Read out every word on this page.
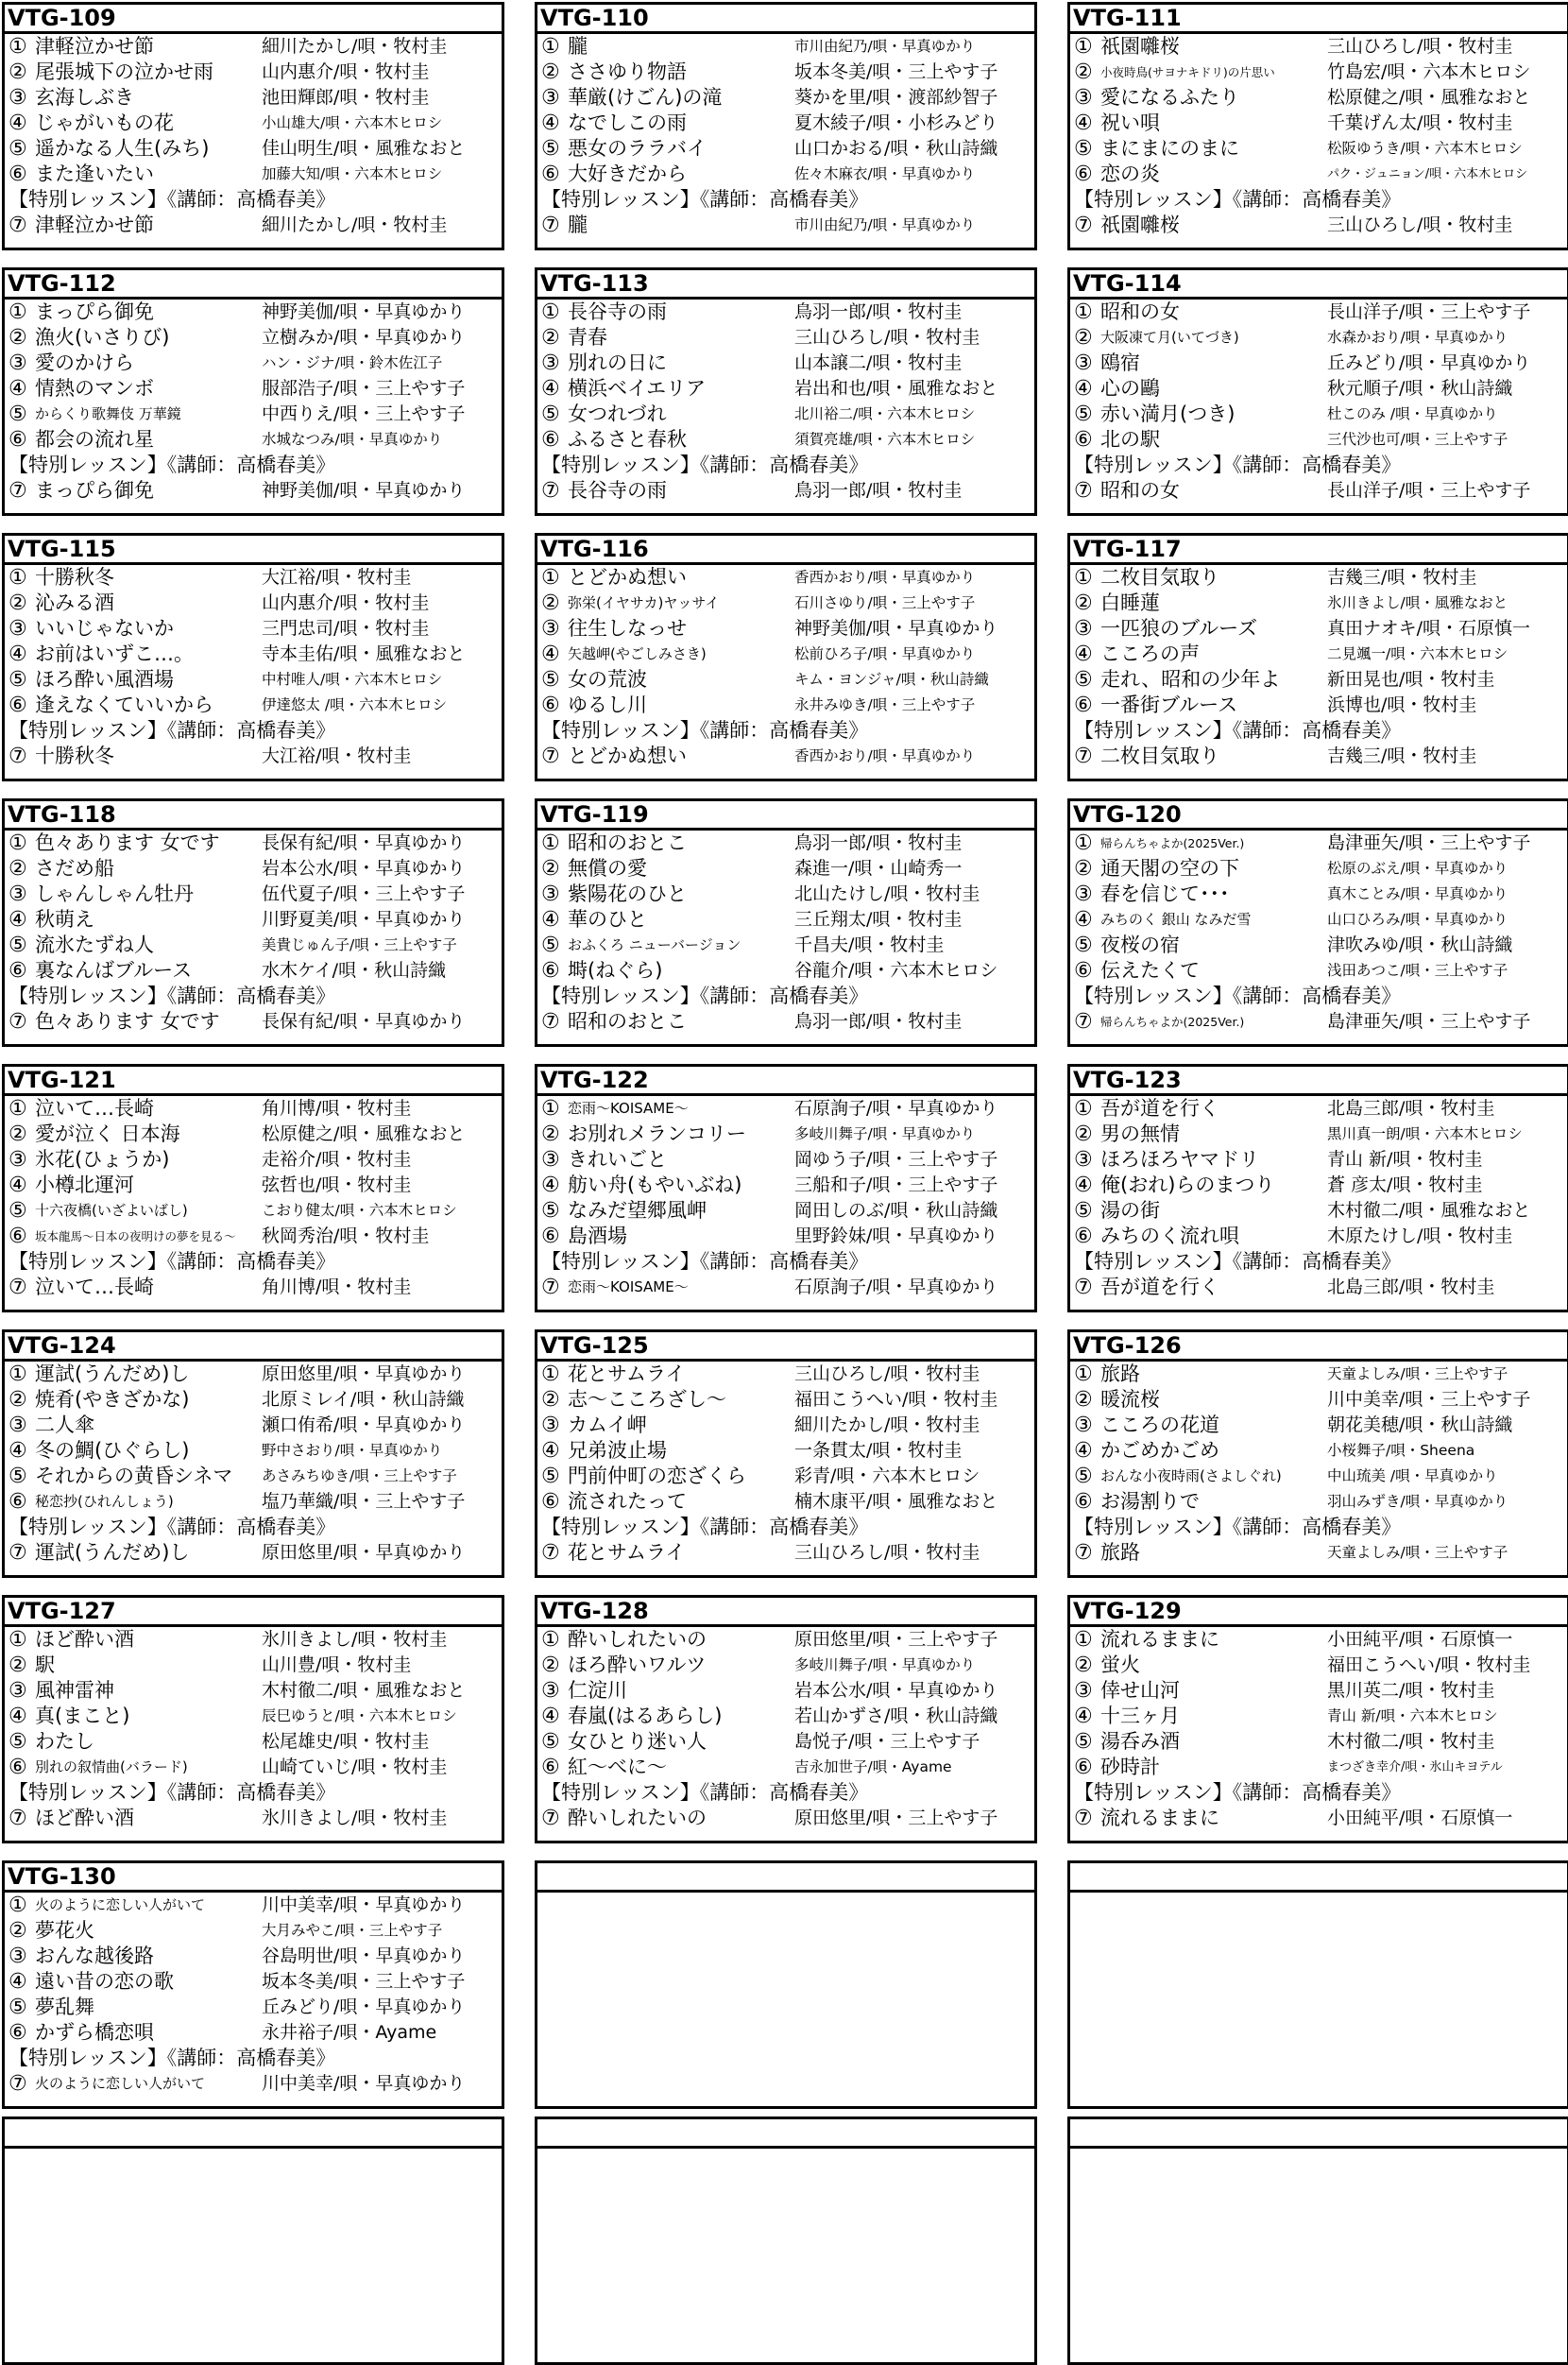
VTG-109
① 津軽泣かせ節	細川たかし/唄・牧村圭
② 尾張城下の泣かせ雨	山内惠介/唄・牧村圭
③ 玄海しぶき	池田輝郎/唄・牧村圭
④ じゃがいもの花	小山雄大/唄・六本木ヒロシ
⑤ 遥かなる人生(みち)	佳山明生/唄・風雅なおと
⑥ また逢いたい	加藤大知/唄・六本木ヒロシ
【特別レッスン】《講師：高橋春美》
⑦ 津軽泣かせ節	細川たかし/唄・牧村圭
VTG-110
① 朧	市川由紀乃/唄・早真ゆかり
② ささゆり物語	坂本冬美/唄・三上やす子
③ 華厳(けごん)の滝	葵かを里/唄・渡部紗智子
④ なでしこの雨	夏木綾子/唄・小杉みどり
⑤ 悪女のララバイ	山口かおる/唄・秋山詩織
⑥ 大好きだから	佐々木麻衣/唄・早真ゆかり
【特別レッスン】《講師：高橋春美》
⑦ 朧	市川由紀乃/唄・早真ゆかり
VTG-111
① 祇園囃桜	三山ひろし/唄・牧村圭
② 小夜時鳥(サヨナキドリ)の片思い	竹島宏/唄・六本木ヒロシ
③ 愛になるふたり	松原健之/唄・風雅なおと
④ 祝い唄	千葉げん太/唄・牧村圭
⑤ まにまにのまに	松阪ゆうき/唄・六本木ヒロシ
⑥ 恋の炎	パク・ジュニョン/唄・六本木ヒロシ
【特別レッスン】《講師：高橋春美》
⑦ 祇園囃桜	三山ひろし/唄・牧村圭
VTG-112
① まっぴら御免	神野美伽/唄・早真ゆかり
② 漁火(いさりび)	立樹みか/唄・早真ゆかり
③ 愛のかけら	ハン・ジナ/唄・鈴木佐江子
④ 情熱のマンボ	服部浩子/唄・三上やす子
⑤ からくり歌舞伎 万華鏡	中西りえ/唄・三上やす子
⑥ 都会の流れ星	水城なつみ/唄・早真ゆかり
【特別レッスン】《講師：高橋春美》
⑦ まっぴら御免	神野美伽/唄・早真ゆかり
VTG-113
① 長谷寺の雨	鳥羽一郎/唄・牧村圭
② 青春	三山ひろし/唄・牧村圭
③ 別れの日に	山本譲二/唄・牧村圭
④ 横浜ベイエリア	岩出和也/唄・風雅なおと
⑤ 女つれづれ	北川裕二/唄・六本木ヒロシ
⑥ ふるさと春秋	須賀亮雄/唄・六本木ヒロシ
【特別レッスン】《講師：高橋春美》
⑦ 長谷寺の雨	鳥羽一郎/唄・牧村圭
VTG-114
① 昭和の女	長山洋子/唄・三上やす子
② 大阪凍て月(いてづき)	水森かおり/唄・早真ゆかり
③ 鴎宿	丘みどり/唄・早真ゆかり
④ 心の鷗	秋元順子/唄・秋山詩織
⑤ 赤い満月(つき)	杜このみ /唄・早真ゆかり
⑥ 北の駅	三代沙也可/唄・三上やす子
【特別レッスン】《講師：高橋春美》
⑦ 昭和の女	長山洋子/唄・三上やす子
VTG-115
① 十勝秋冬	大江裕/唄・牧村圭
② 沁みる酒	山内惠介/唄・牧村圭
③ いいじゃないか	三門忠司/唄・牧村圭
④ お前はいずこ…。	寺本圭佑/唄・風雅なおと
⑤ ほろ酔い風酒場	中村唯人/唄・六本木ヒロシ
⑥ 逢えなくていいから	伊達悠太 /唄・六本木ヒロシ
【特別レッスン】《講師：高橋春美》
⑦ 十勝秋冬	大江裕/唄・牧村圭
VTG-116
① とどかぬ想い	香西かおり/唄・早真ゆかり
② 弥栄(イヤサカ)ヤッサイ	石川さゆり/唄・三上やす子
③ 往生しなっせ	神野美伽/唄・早真ゆかり
④ 矢越岬(やごしみさき)	松前ひろ子/唄・早真ゆかり
⑤ 女の荒波	キム・ヨンジャ/唄・秋山詩織
⑥ ゆるし川	永井みゆき/唄・三上やす子
【特別レッスン】《講師：高橋春美》
⑦ とどかぬ想い	香西かおり/唄・早真ゆかり
VTG-117
① 二枚目気取り	吉幾三/唄・牧村圭
② 白睡蓮	氷川きよし/唄・風雅なおと
③ 一匹狼のブルーズ	真田ナオキ/唄・石原慎一
④ こころの声	二見颯一/唄・六本木ヒロシ
⑤ 走れ、昭和の少年よ	新田晃也/唄・牧村圭
⑥ 一番街ブルース	浜博也/唄・牧村圭
【特別レッスン】《講師：高橋春美》
⑦ 二枚目気取り	吉幾三/唄・牧村圭
VTG-118
① 色々あります 女です	長保有紀/唄・早真ゆかり
② さだめ船	岩本公水/唄・早真ゆかり
③ しゃんしゃん牡丹	伍代夏子/唄・三上やす子
④ 秋萌え	川野夏美/唄・早真ゆかり
⑤ 流氷たずね人	美貴じゅん子/唄・三上やす子
⑥ 裏なんばブルース	水木ケイ/唄・秋山詩織
【特別レッスン】《講師：高橋春美》
⑦ 色々あります 女です	長保有紀/唄・早真ゆかり
VTG-119
① 昭和のおとこ	鳥羽一郎/唄・牧村圭
② 無償の愛	森進一/唄・山崎秀一
③ 紫陽花のひと	北山たけし/唄・牧村圭
④ 華のひと	三丘翔太/唄・牧村圭
⑤ おふくろ ニューバージョン	千昌夫/唄・牧村圭
⑥ 塒(ねぐら)	谷龍介/唄・六本木ヒロシ
【特別レッスン】《講師：高橋春美》
⑦ 昭和のおとこ	鳥羽一郎/唄・牧村圭
VTG-120
① 帰らんちゃよか(2025Ver.)	島津亜矢/唄・三上やす子
② 通天閣の空の下	松原のぶえ/唄・早真ゆかり
③ 春を信じて･･･	真木ことみ/唄・早真ゆかり
④ みちのく 銀山 なみだ雪	山口ひろみ/唄・早真ゆかり
⑤ 夜桜の宿	津吹みゆ/唄・秋山詩織
⑥ 伝えたくて	浅田あつこ/唄・三上やす子
【特別レッスン】《講師：高橋春美》
⑦ 帰らんちゃよか(2025Ver.)	島津亜矢/唄・三上やす子
VTG-121
① 泣いて…長崎	角川博/唄・牧村圭
② 愛が泣く 日本海	松原健之/唄・風雅なおと
③ 氷花(ひょうか)	走裕介/唄・牧村圭
④ 小樽北運河	弦哲也/唄・牧村圭
⑤ 十六夜橋(いざよいばし)	こおり健太/唄・六本木ヒロシ
⑥ 坂本龍馬～日本の夜明けの夢を見る～	秋岡秀治/唄・牧村圭
【特別レッスン】《講師：高橋春美》
⑦ 泣いて…長崎	角川博/唄・牧村圭
VTG-122
① 恋雨～KOISAME～	石原詢子/唄・早真ゆかり
② お別れメランコリー	多岐川舞子/唄・早真ゆかり
③ きれいごと	岡ゆう子/唄・三上やす子
④ 舫い舟(もやいぶね)	三船和子/唄・三上やす子
⑤ なみだ望郷風岬	岡田しのぶ/唄・秋山詩織
⑥ 島酒場	里野鈴妹/唄・早真ゆかり
【特別レッスン】《講師：高橋春美》
⑦ 恋雨～KOISAME～	石原詢子/唄・早真ゆかり
VTG-123
① 吾が道を行く	北島三郎/唄・牧村圭
② 男の無情	黒川真一朗/唄・六本木ヒロシ
③ ほろほろヤマドリ	青山 新/唄・牧村圭
④ 俺(おれ)らのまつり	蒼 彦太/唄・牧村圭
⑤ 湯の街	木村徹二/唄・風雅なおと
⑥ みちのく流れ唄	木原たけし/唄・牧村圭
【特別レッスン】《講師：高橋春美》
⑦ 吾が道を行く	北島三郎/唄・牧村圭
VTG-124
① 運試(うんだめ)し	原田悠里/唄・早真ゆかり
② 焼肴(やきざかな)	北原ミレイ/唄・秋山詩織
③ 二人傘	瀬口侑希/唄・早真ゆかり
④ 冬の鯛(ひぐらし)	野中さおり/唄・早真ゆかり
⑤ それからの黄昏シネマ	あさみちゆき/唄・三上やす子
⑥ 秘恋抄(ひれんしょう)	塩乃華織/唄・三上やす子
【特別レッスン】《講師：高橋春美》
⑦ 運試(うんだめ)し	原田悠里/唄・早真ゆかり
VTG-125
① 花とサムライ	三山ひろし/唄・牧村圭
② 志～こころざし～	福田こうへい/唄・牧村圭
③ カムイ岬	細川たかし/唄・牧村圭
④ 兄弟波止場	一条貫太/唄・牧村圭
⑤ 門前仲町の恋ざくら	彩青/唄・六本木ヒロシ
⑥ 流されたって	楠木康平/唄・風雅なおと
【特別レッスン】《講師：高橋春美》
⑦ 花とサムライ	三山ひろし/唄・牧村圭
VTG-126
① 旅路	天童よしみ/唄・三上やす子
② 暖流桜	川中美幸/唄・三上やす子
③ こころの花道	朝花美穂/唄・秋山詩織
④ かごめかごめ	小桜舞子/唄・Sheena
⑤ おんな小夜時雨(さよしぐれ)	中山琉美 /唄・早真ゆかり
⑥ お湯割りで	羽山みずき/唄・早真ゆかり
【特別レッスン】《講師：高橋春美》
⑦ 旅路	天童よしみ/唄・三上やす子
VTG-127
① ほど酔い酒	氷川きよし/唄・牧村圭
② 駅	山川豊/唄・牧村圭
③ 風神雷神	木村徹二/唄・風雅なおと
④ 真(まこと)	辰巳ゆうと/唄・六本木ヒロシ
⑤ わたし	松尾雄史/唄・牧村圭
⑥ 別れの叙情曲(バラード)	山崎ていじ/唄・牧村圭
【特別レッスン】《講師：高橋春美》
⑦ ほど酔い酒	氷川きよし/唄・牧村圭
VTG-128
① 酔いしれたいの	原田悠里/唄・三上やす子
② ほろ酔いワルツ	多岐川舞子/唄・早真ゆかり
③ 仁淀川	岩本公水/唄・早真ゆかり
④ 春嵐(はるあらし)	若山かずさ/唄・秋山詩織
⑤ 女ひとり迷い人	島悦子/唄・三上やす子
⑥ 紅～べに～	吉永加世子/唄・Ayame
【特別レッスン】《講師：高橋春美》
⑦ 酔いしれたいの	原田悠里/唄・三上やす子
VTG-129
① 流れるままに	小田純平/唄・石原慎一
② 蛍火	福田こうへい/唄・牧村圭
③ 倖せ山河	黒川英二/唄・牧村圭
④ 十三ヶ月	青山 新/唄・六本木ヒロシ
⑤ 湯呑み酒	木村徹二/唄・牧村圭
⑥ 砂時計	まつざき幸介/唄・氷山キヨテル
【特別レッスン】《講師：高橋春美》
⑦ 流れるままに	小田純平/唄・石原慎一
VTG-130
① 火のように恋しい人がいて	川中美幸/唄・早真ゆかり
② 夢花火	大月みやこ/唄・三上やす子
③ おんな越後路	谷島明世/唄・早真ゆかり
④ 遠い昔の恋の歌	坂本冬美/唄・三上やす子
⑤ 夢乱舞	丘みどり/唄・早真ゆかり
⑥ かずら橋恋唄	永井裕子/唄・Ayame
【特別レッスン】《講師：高橋春美》
⑦ 火のように恋しい人がいて	川中美幸/唄・早真ゆかり
